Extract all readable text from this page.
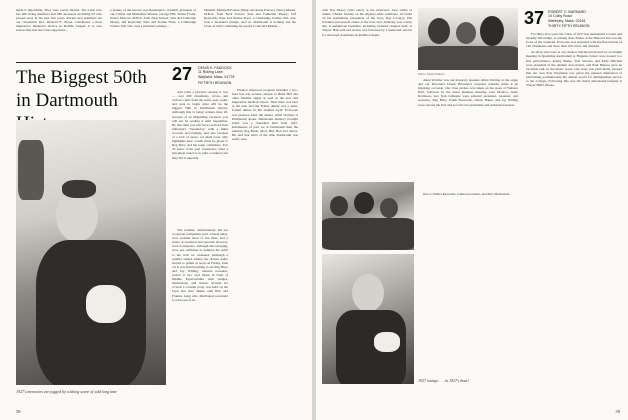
made it impossible. They were sorely missed. The Class now has 260 living members and 280 deceased, including 63 who passed away in the past five years. Recent new members are our classmates Rev. Richard E. Boyer contributed a most impressive memorial service in Rollins Chapel. It is also noteworthy that the Class supported ...
a feature of the service was Randolph L. Kramm, grandson of our Clifton and Madelaine Warren. George Hill, Walter Frank, Nancy Morrow, M.B.A. from Tuck School; Stan and Catherine Mosey, Jeff Reynolds; Nate and Norine Freer, a Cambridge brother Jim, who took a mourner's pledge ...
Dunstill, Elizabeth Fauver (King and Annie Fauver), Nancy Marter, M.B.A. from Tuck School; Stan and Catherine Mosey; Jeff Reynolds; Nate and Norine Freer, a Cambridge brother Jim, who took a mourner's pledge. And so, Dartmouth is nothing and the Class of 1922 continuing its loyalty to the Old Mother ...
The Biggest 50th in Dartmouth
27 DENIS K. FADDOCK
11 Rolling Lane
Wayland, Mass. 01778
FIFTIETH REUNION

Friday's afternoon program included a two-hour bus trip around campus to Bulls Hill and other familiar sights as well as the new and impressive medical school. Then there was beer at the tent, and the Friday dinner was a semi-formal dinner in the Alumni Gym. Everyone was pleased. After the dinner, Allen Wormer at Dartmouth spoke. Dartmouth memory brought home was a cherished man from 1927. Kindnesses of past we at Dartmouth then the reunion. Peg Brick, Mort, Bill, Bob and others. He said that most of the time Dartmouth was really ours.

And what a glorious reunion it was — over 260 classmates, wives, and widows came from the north, east, south, and west to begin what will be the biggest 50th in Dartmouth history. Although this is being written June 20, because of an impending vacation, you will not be reading it until September. By that time you will have received Tom Gillespie's "Speakeasy" with a fuller account. Accordingly, and also because of a lack of space, we shall cover only highlights here. Credit must be given to Reg Bucy and his large committee. You all know from past experience what a herculean task it is to plan a reunion; but they did it superbly.

The weather, unfortunately, did not cooperate completely well. Cloudy skies, cool weather most of the time, and a series of scattered and sporadic showers, even downpours, although discouraging, were not sufficient to dampen the spirit to the wall we weekend. Although a somber armed outlier, the drones really started to gather at noon on Friday, June 10. It was heartwarming to see Reg Bucy and Jay Willing, reunion treasurer, seated at two card tables in front of Middle Fayerweather with badges, instructions, and tickets. Around six o'clock a cocktail party was held on the lawn and later dinner with Bob and Frankie Lang who distributed souvenirs to each one of us.

1927's memories are jogged by a skiing scene of sold long time
58
with Nat Morey (who else?) at the keyboard. Jack Gibbs at drums, Charlie Stanley on the slippery-slide trombone, Al Waltz on his homemade saxophone of the boys, Ray Lovejoy, Hal Worthen and several others at the bass viol. Saturday was a busy day. A sumptuous breakfast, including creamed chipped beef, at Thayer Hall with old stories was followed by a memorial service for deceased classmates in Rollins Chapel.
Photo: Stuart Hudson

Allen Wormer was our honorary speaker. Allen Wormer at the organ and our Reverend Chuck Brewster's eloquent remarks made it an inspiring occasion. Our class picture was taken on the steps of Webster Hall, followed by the usual business meeting. Ken Monroe, Andy Robinson, and Tom Gillespie were selected president, treasurer, and secretary. Reg Bucy, Frank Bosworth, Chuck Baker, and Jay Willing were elected the first and second vice presidents and assistant treasurer.

37 ROBERT C. BARNARD
10 Colby Road
Wellesley, Mass. 02181
THIRTY-FIFTH REUNION

For thirty-five years the Class of 1937 has maintained a warm and friendly fellowship. A rousing class dinner at the Hanover Inn was the focus of the weekend. Everyone was surprised with the fine turnout of 162 classmates and more than 100 wives and children.

As those who were at our outdoor luncheon followed by an alumni meeting in Spaulding Auditorium at Hopkins Center were treated to a fine performance. Kenny Burke, Stan Stevens, and Earle Mitchell were president of the Alumni Association, and Paul Hanson gave an excellent talk on the music scene. Our class was particularly pleased that our own Stan Weymann was given the unusual distinction of performing posthumously the annual award for distinguished service to the College. Following this was the much anticipated banquet at Thayer Hall's House.

fine to Wilder Reynolds, reunion treasurer, and Mac Mackenzie.

1927 swings . . . in 1927's boat!
59
